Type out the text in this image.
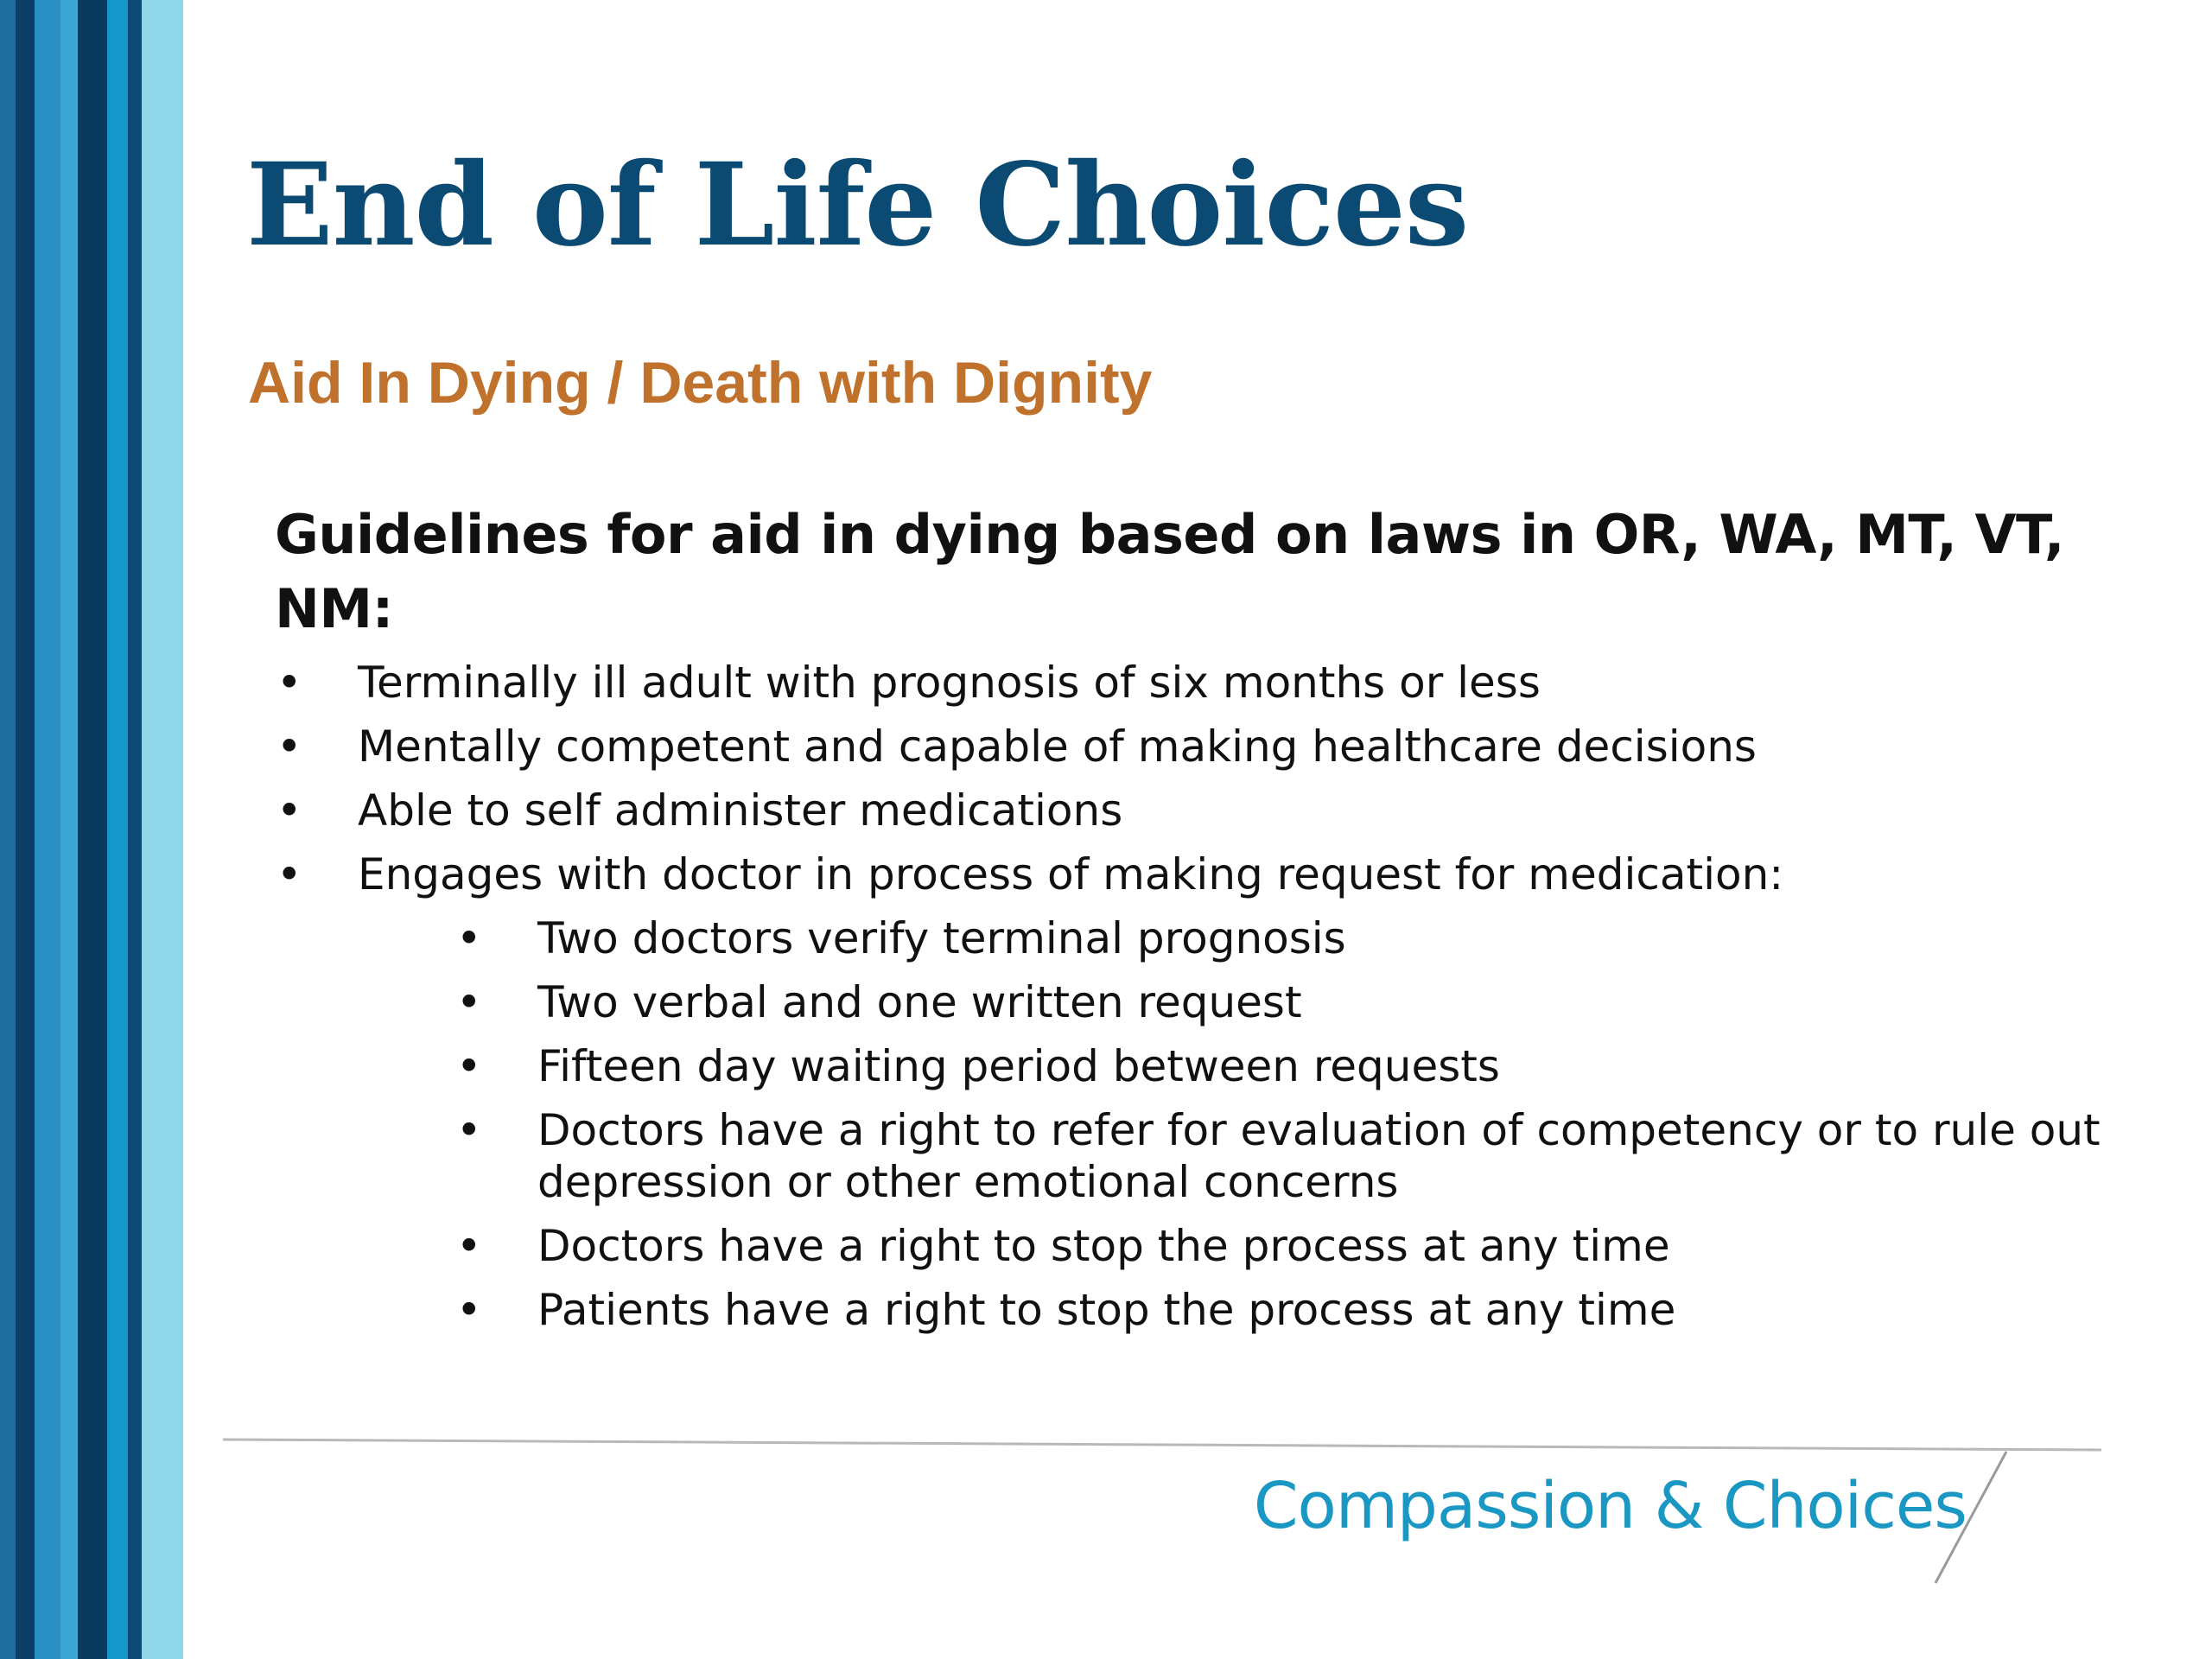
End of Life Choices
Aid In Dying / Death with Dignity

Guidelines for aid in dying based on laws in OR, WA, MT, VT, NM:

• Terminally ill adult with prognosis of six months or less
• Mentally competent and capable of making healthcare decisions
• Able to self administer medications
• Engages with doctor in process of making request for medication:
• Two doctors verify terminal prognosis
• Two verbal and one written request
• Fifteen day waiting period between requests
• Doctors have a right to refer for evaluation of competency or to rule out depression or other emotional concerns
• Doctors have a right to stop the process at any time
• Patients have a right to stop the process at any time

Compassion & Choices
